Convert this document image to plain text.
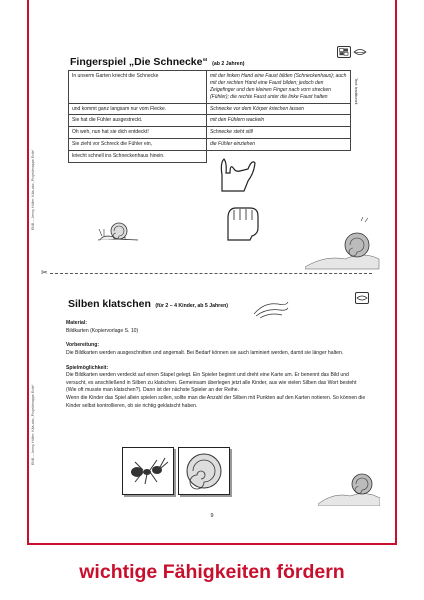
ENB – Jenny Höller: Kita-abc „Projektmappe Erde“
ENB – Jenny Höller: Kita-abc „Projektmappe Erde“
Fingerspiel „Die Schnecke“ (ab 2 Jahren)
Text: traditionell
In unserm Garten kriecht die Schnecke	mit der linken Hand eine Faust bilden (Schneckenhaus); auch mit der rechten Hand eine Faust bilden; jedoch den Zeigefinger und den kleinen Finger nach vorn strecken (Fühler); die rechte Faust unter die linke Faust halten
und kommt ganz langsam nur vom Flecke.	Schnecke vor dem Körper kriechen lassen
Sie hat die Fühler ausgestreckt.	mit den Fühlern wackeln
Oh weh, nun hat sie dich entdeckt!	Schnecke steht still
Sie zieht vor Schreck die Fühler ein,	die Fühler einziehen
kriecht schnell ins Schneckenhaus hinein.	
✂
Silben klatschen (für 2 – 4 Kinder, ab 5 Jahren)

Material:

Bildkarten (Kopiervorlage S. 10)

Vorbereitung:

Die Bildkarten werden ausgeschnitten und angemalt. Bei Bedarf können sie auch laminiert werden, damit sie länger halten.

Spielmöglichkeit:

Die Bildkarten werden verdeckt auf einen Stapel gelegt. Ein Spieler beginnt und dreht eine Karte um. Er benennt das Bild und versucht, es anschließend in Silben zu klatschen. Gemeinsam überlegen jetzt alle Kinder, aus wie vielen Silben das Wort besteht (Wie oft musste man klatschen?). Dann ist der nächste Spieler an der Reihe.

Wenn die Kinder das Spiel allein spielen sollen, sollte man die Anzahl der Silben mit Punkten auf den Karten notieren. So können die Kinder selbst kontrollieren, ob sie richtig geklatscht haben.

9
wichtige Fähigkeiten fördern
